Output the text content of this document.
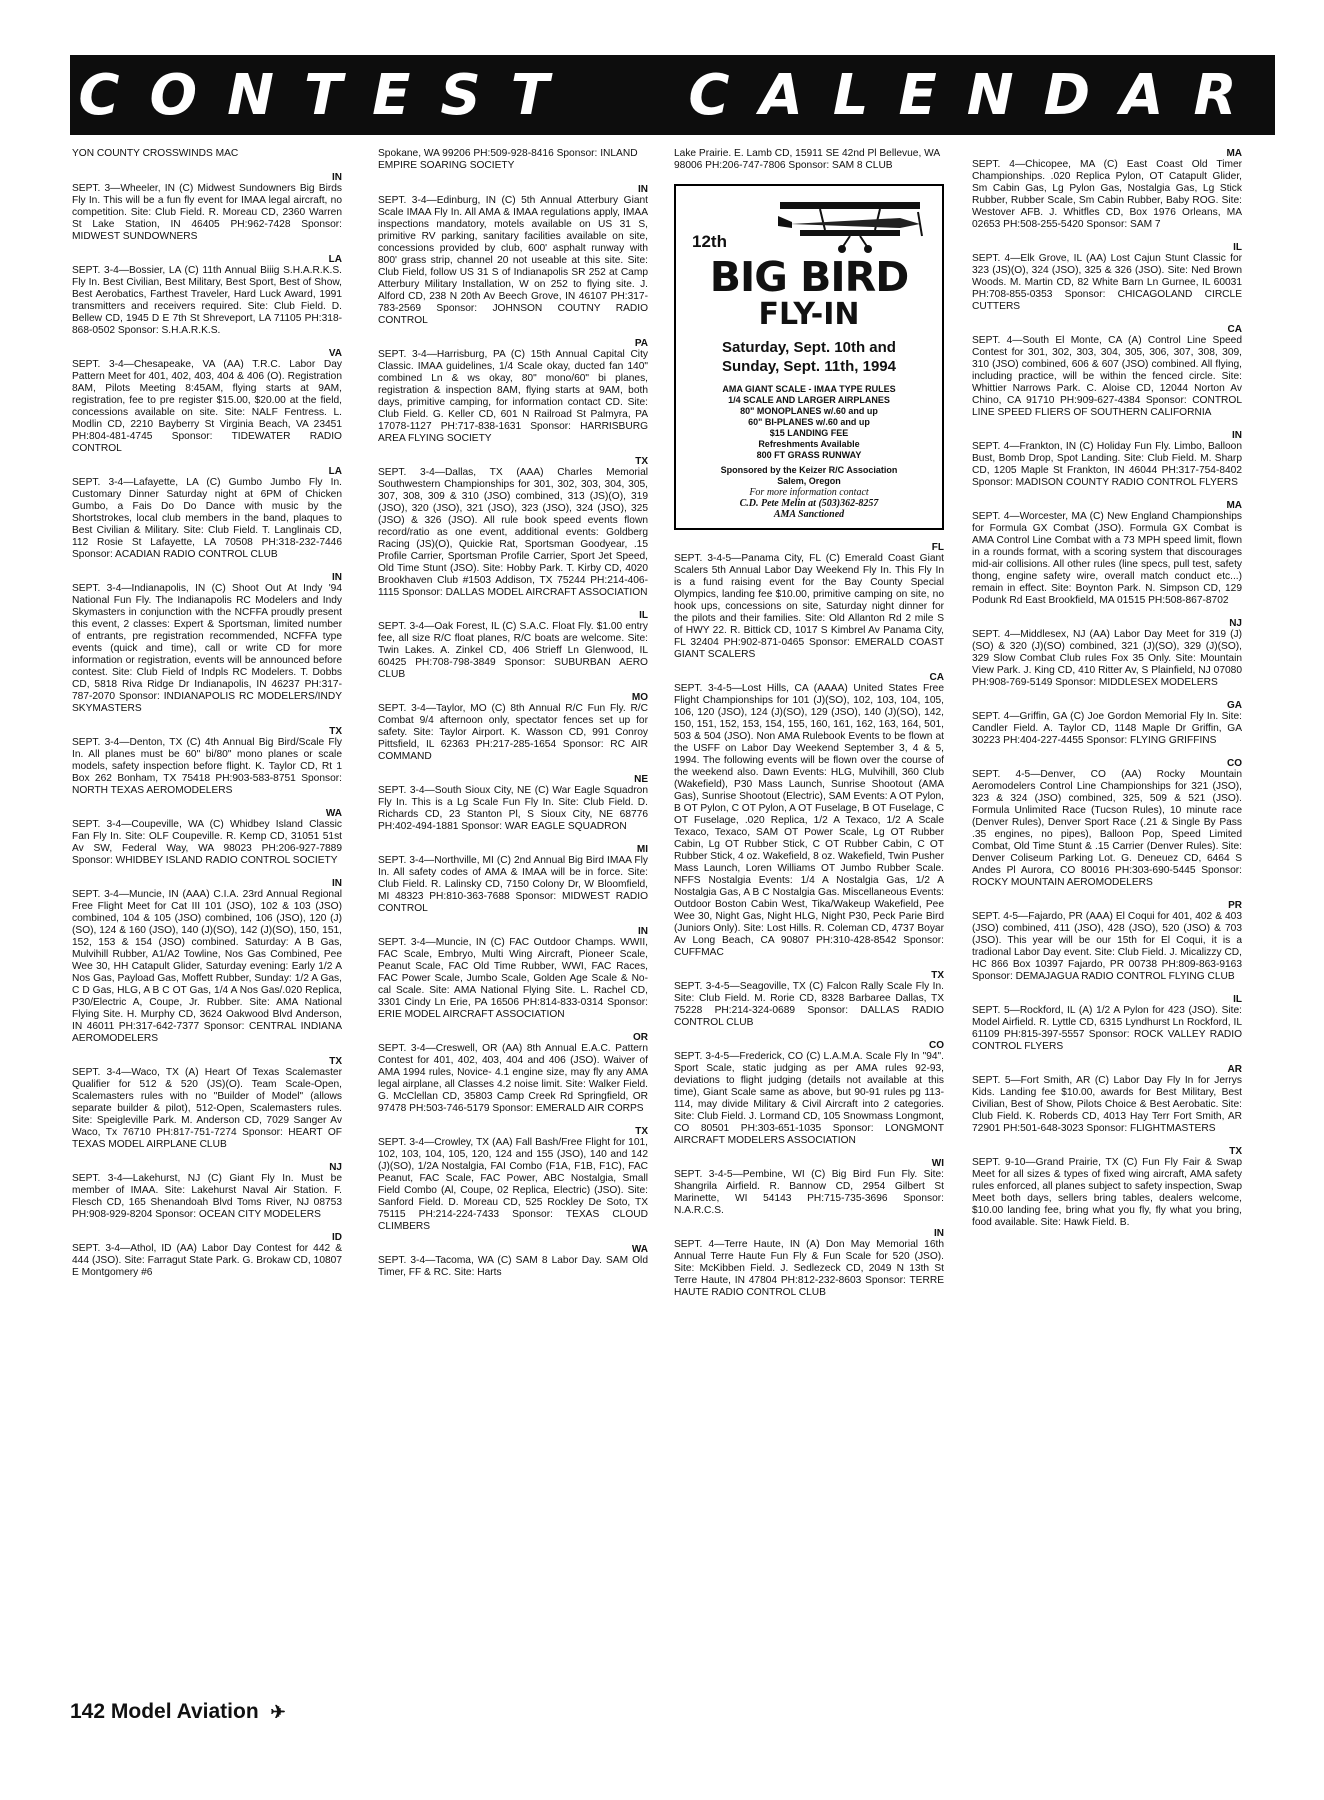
CONTEST CALENDAR

YON COUNTY CROSSWINDS MAC

IN

SEPT. 3—Wheeler, IN (C) Midwest Sundowners Big Birds Fly In. This will be a fun fly event for IMAA legal aircraft, no competition. Site: Club Field. R. Moreau CD, 2360 Warren St Lake Station, IN 46405 PH:962-7428 Sponsor: MIDWEST SUNDOWNERS

LA

SEPT. 3-4—Bossier, LA (C) 11th Annual Biiig S.H.A.R.K.S. Fly In. Best Civilian, Best Military, Best Sport, Best of Show, Best Aerobatics, Farthest Traveler, Hard Luck Award, 1991 transmitters and receivers required. Site: Club Field. D. Bellew CD, 1945 D E 7th St Shreveport, LA 71105 PH:318-868-0502 Sponsor: S.H.A.R.K.S.

VA

SEPT. 3-4—Chesapeake, VA (AA) T.R.C. Labor Day Pattern Meet for 401, 402, 403, 404 & 406 (O). Registration 8AM, Pilots Meeting 8:45AM, flying starts at 9AM, registration, fee to pre register $15.00, $20.00 at the field, concessions available on site. Site: NALF Fentress. L. Modlin CD, 2210 Bayberry St Virginia Beach, VA 23451 PH:804-481-4745 Sponsor: TIDEWATER RADIO CONTROL

LA

SEPT. 3-4—Lafayette, LA (C) Gumbo Jumbo Fly In. Customary Dinner Saturday night at 6PM of Chicken Gumbo, a Fais Do Do Dance with music by the Shortstrokes, local club members in the band, plaques to Best Civilian & Military. Site: Club Field. T. Langlinais CD, 112 Rosie St Lafayette, LA 70508 PH:318-232-7446 Sponsor: ACADIAN RADIO CONTROL CLUB

IN

SEPT. 3-4—Indianapolis, IN (C) Shoot Out At Indy '94 National Fun Fly. The Indianapolis RC Modelers and Indy Skymasters in conjunction with the NCFFA proudly present this event, 2 classes: Expert & Sportsman, limited number of entrants, pre registration recommended, NCFFA type events (quick and time), call or write CD for more information or registration, events will be announced before contest. Site: Club Field of Indpls RC Modelers. T. Dobbs CD, 5818 Riva Ridge Dr Indianapolis, IN 46237 PH:317-787-2070 Sponsor: INDIANAPOLIS RC MODELERS/INDY SKYMASTERS

TX

SEPT. 3-4—Denton, TX (C) 4th Annual Big Bird/Scale Fly In. All planes must be 60" bi/80" mono planes or scale models, safety inspection before flight. K. Taylor CD, Rt 1 Box 262 Bonham, TX 75418 PH:903-583-8751 Sponsor: NORTH TEXAS AEROMODELERS

WA

SEPT. 3-4—Coupeville, WA (C) Whidbey Island Classic Fan Fly In. Site: OLF Coupeville. R. Kemp CD, 31051 51st Av SW, Federal Way, WA 98023 PH:206-927-7889 Sponsor: WHIDBEY ISLAND RADIO CONTROL SOCIETY

IN

SEPT. 3-4—Muncie, IN (AAA) C.I.A. 23rd Annual Regional Free Flight Meet for Cat III 101 (JSO), 102 & 103 (JSO) combined, 104 & 105 (JSO) combined, 106 (JSO), 120 (J)(SO), 124 & 160 (JSO), 140 (J)(SO), 142 (J)(SO), 150, 151, 152, 153 & 154 (JSO) combined. Saturday: A B Gas, Mulvihill Rubber, A1/A2 Towline, Nos Gas Combined, Pee Wee 30, HH Catapult Glider, Saturday evening: Early 1/2 A Nos Gas, Payload Gas, Moffett Rubber, Sunday: 1/2 A Gas, C D Gas, HLG, A B C OT Gas, 1/4 A Nos Gas/.020 Replica, P30/Electric A, Coupe, Jr. Rubber. Site: AMA National Flying Site. H. Murphy CD, 3624 Oakwood Blvd Anderson, IN 46011 PH:317-642-7377 Sponsor: CENTRAL INDIANA AEROMODELERS

TX

SEPT. 3-4—Waco, TX (A) Heart Of Texas Scalemaster Qualifier for 512 & 520 (JS)(O). Team Scale-Open, Scalemasters rules with no "Builder of Model" (allows separate builder & pilot), 512-Open, Scalemasters rules. Site: Speigleville Park. M. Anderson CD, 7029 Sanger Av Waco, Tx 76710 PH:817-751-7274 Sponsor: HEART OF TEXAS MODEL AIRPLANE CLUB

NJ

SEPT. 3-4—Lakehurst, NJ (C) Giant Fly In. Must be member of IMAA. Site: Lakehurst Naval Air Station. F. Flesch CD, 165 Shenandoah Blvd Toms River, NJ 08753 PH:908-929-8204 Sponsor: OCEAN CITY MODELERS

ID

SEPT. 3-4—Athol, ID (AA) Labor Day Contest for 442 & 444 (JSO). Site: Farragut State Park. G. Brokaw CD, 10807 E Montgomery #6

Spokane, WA 99206 PH:509-928-8416 Sponsor: INLAND EMPIRE SOARING SOCIETY

IN

SEPT. 3-4—Edinburg, IN (C) 5th Annual Atterbury Giant Scale IMAA Fly In. All AMA & IMAA regulations apply, IMAA inspections mandatory, motels available on US 31 S, primitive RV parking, sanitary facilities available on site, concessions provided by club, 600' asphalt runway with 800' grass strip, channel 20 not useable at this site. Site: Club Field, follow US 31 S of Indianapolis SR 252 at Camp Atterbury Military Installation, W on 252 to flying site. J. Alford CD, 238 N 20th Av Beech Grove, IN 46107 PH:317-783-2569 Sponsor: JOHNSON COUTNY RADIO CONTROL

PA

SEPT. 3-4—Harrisburg, PA (C) 15th Annual Capital City Classic. IMAA guidelines, 1/4 Scale okay, ducted fan 140" combined Ln & ws okay, 80" mono/60" bi planes, registration & inspection 8AM, flying starts at 9AM, both days, primitive camping, for information contact CD. Site: Club Field. G. Keller CD, 601 N Railroad St Palmyra, PA 17078-1127 PH:717-838-1631 Sponsor: HARRISBURG AREA FLYING SOCIETY

TX

SEPT. 3-4—Dallas, TX (AAA) Charles Memorial Southwestern Championships for 301, 302, 303, 304, 305, 307, 308, 309 & 310 (JSO) combined, 313 (JS)(O), 319 (JSO), 320 (JSO), 321 (JSO), 323 (JSO), 324 (JSO), 325 (JSO) & 326 (JSO). All rule book speed events flown record/ratio as one event, additional events: Goldberg Racing (JS)(O), Quickie Rat, Sportsman Goodyear, .15 Profile Carrier, Sportsman Profile Carrier, Sport Jet Speed, Old Time Stunt (JSO). Site: Hobby Park. T. Kirby CD, 4020 Brookhaven Club #1503 Addison, TX 75244 PH:214-406-1115 Sponsor: DALLAS MODEL AIRCRAFT ASSOCIATION

IL

SEPT. 3-4—Oak Forest, IL (C) S.A.C. Float Fly. $1.00 entry fee, all size R/C float planes, R/C boats are welcome. Site: Twin Lakes. A. Zinkel CD, 406 Strieff Ln Glenwood, IL 60425 PH:708-798-3849 Sponsor: SUBURBAN AERO CLUB

MO

SEPT. 3-4—Taylor, MO (C) 8th Annual R/C Fun Fly. R/C Combat 9/4 afternoon only, spectator fences set up for safety. Site: Taylor Airport. K. Wasson CD, 991 Conroy Pittsfield, IL 62363 PH:217-285-1654 Sponsor: RC AIR COMMAND

NE

SEPT. 3-4—South Sioux City, NE (C) War Eagle Squadron Fly In. This is a Lg Scale Fun Fly In. Site: Club Field. D. Richards CD, 23 Stanton Pl, S Sioux City, NE 68776 PH:402-494-1881 Sponsor: WAR EAGLE SQUADRON

MI

SEPT. 3-4—Northville, MI (C) 2nd Annual Big Bird IMAA Fly In. All safety codes of AMA & IMAA will be in force. Site: Club Field. R. Lalinsky CD, 7150 Colony Dr, W Bloomfield, MI 48323 PH:810-363-7688 Sponsor: MIDWEST RADIO CONTROL

IN

SEPT. 3-4—Muncie, IN (C) FAC Outdoor Champs. WWII, FAC Scale, Embryo, Multi Wing Aircraft, Pioneer Scale, Peanut Scale, FAC Old Time Rubber, WWI, FAC Races, FAC Power Scale, Jumbo Scale, Golden Age Scale & No-cal Scale. Site: AMA National Flying Site. L. Rachel CD, 3301 Cindy Ln Erie, PA 16506 PH:814-833-0314 Sponsor: ERIE MODEL AIRCRAFT ASSOCIATION

OR

SEPT. 3-4—Creswell, OR (AA) 8th Annual E.A.C. Pattern Contest for 401, 402, 403, 404 and 406 (JSO). Waiver of AMA 1994 rules, Novice- 4.1 engine size, may fly any AMA legal airplane, all Classes 4.2 noise limit. Site: Walker Field. G. McClellan CD, 35803 Camp Creek Rd Springfield, OR 97478 PH:503-746-5179 Sponsor: EMERALD AIR CORPS

TX

SEPT. 3-4—Crowley, TX (AA) Fall Bash/Free Flight for 101, 102, 103, 104, 105, 120, 124 and 155 (JSO), 140 and 142 (J)(SO), 1/2A Nostalgia, FAI Combo (F1A, F1B, F1C), FAC Peanut, FAC Scale, FAC Power, ABC Nostalgia, Small Field Combo (Al, Coupe, 02 Replica, Electric) (JSO). Site: Sanford Field. D. Moreau CD, 525 Rockley De Soto, TX 75115 PH:214-224-7433 Sponsor: TEXAS CLOUD CLIMBERS

WA

SEPT. 3-4—Tacoma, WA (C) SAM 8 Labor Day. SAM Old Timer, FF & RC. Site: Harts

Lake Prairie. E. Lamb CD, 15911 SE 42nd Pl Bellevue, WA 98006 PH:206-747-7806 Sponsor: SAM 8 CLUB

12th

BIG BIRD

FLY-IN

Saturday, Sept. 10th and

Sunday, Sept. 11th, 1994

AMA GIANT SCALE - IMAA TYPE RULES

1/4 SCALE AND LARGER AIRPLANES

80" MONOPLANES w/.60 and up

60" BI-PLANES w/.60 and up

$15 LANDING FEE

Refreshments Available

800 FT GRASS RUNWAY

Sponsored by the Keizer R/C Association

Salem, Oregon

For more information contact

C.D. Pete Melin at (503)362-8257

AMA Sanctioned

FL

SEPT. 3-4-5—Panama City, FL (C) Emerald Coast Giant Scalers 5th Annual Labor Day Weekend Fly In. This Fly In is a fund raising event for the Bay County Special Olympics, landing fee $10.00, primitive camping on site, no hook ups, concessions on site, Saturday night dinner for the pilots and their families. Site: Old Allanton Rd 2 mile S of HWY 22. R. Bittick CD, 1017 S Kimbrel Av Panama City, FL 32404 PH:902-871-0465 Sponsor: EMERALD COAST GIANT SCALERS

CA

SEPT. 3-4-5—Lost Hills, CA (AAAA) United States Free Flight Championships for 101 (J)(SO), 102, 103, 104, 105, 106, 120 (JSO), 124 (J)(SO), 129 (JSO), 140 (J)(SO), 142, 150, 151, 152, 153, 154, 155, 160, 161, 162, 163, 164, 501, 503 & 504 (JSO). Non AMA Rulebook Events to be flown at the USFF on Labor Day Weekend September 3, 4 & 5, 1994. The following events will be flown over the course of the weekend also. Dawn Events: HLG, Mulvihill, 360 Club (Wakefield), P30 Mass Launch, Sunrise Shootout (AMA Gas), Sunrise Shootout (Electric), SAM Events: A OT Pylon, B OT Pylon, C OT Pylon, A OT Fuselage, B OT Fuselage, C OT Fuselage, .020 Replica, 1/2 A Texaco, 1/2 A Scale Texaco, Texaco, SAM OT Power Scale, Lg OT Rubber Cabin, Lg OT Rubber Stick, C OT Rubber Cabin, C OT Rubber Stick, 4 oz. Wakefield, 8 oz. Wakefield, Twin Pusher Mass Launch, Loren Williams OT Jumbo Rubber Scale. NFFS Nostalgia Events: 1/4 A Nostalgia Gas, 1/2 A Nostalgia Gas, A B C Nostalgia Gas. Miscellaneous Events: Outdoor Boston Cabin West, Tika/Wakeup Wakefield, Pee Wee 30, Night Gas, Night HLG, Night P30, Peck Parie Bird (Juniors Only). Site: Lost Hills. R. Coleman CD, 4737 Boyar Av Long Beach, CA 90807 PH:310-428-8542 Sponsor: CUFFMAC

TX

SEPT. 3-4-5—Seagoville, TX (C) Falcon Rally Scale Fly In. Site: Club Field. M. Rorie CD, 8328 Barbaree Dallas, TX 75228 PH:214-324-0689 Sponsor: DALLAS RADIO CONTROL CLUB

CO

SEPT. 3-4-5—Frederick, CO (C) L.A.M.A. Scale Fly In "94". Sport Scale, static judging as per AMA rules 92-93, deviations to flight judging (details not available at this time), Giant Scale same as above, but 90-91 rules pg 113-114, may divide Military & Civil Aircraft into 2 categories. Site: Club Field. J. Lormand CD, 105 Snowmass Longmont, CO 80501 PH:303-651-1035 Sponsor: LONGMONT AIRCRAFT MODELERS ASSOCIATION

WI

SEPT. 3-4-5—Pembine, WI (C) Big Bird Fun Fly. Site: Shangrila Airfield. R. Bannow CD, 2954 Gilbert St Marinette, WI 54143 PH:715-735-3696 Sponsor: N.A.R.C.S.

IN

SEPT. 4—Terre Haute, IN (A) Don May Memorial 16th Annual Terre Haute Fun Fly & Fun Scale for 520 (JSO). Site: McKibben Field. J. Sedlezeck CD, 2049 N 13th St Terre Haute, IN 47804 PH:812-232-8603 Sponsor: TERRE HAUTE RADIO CONTROL CLUB

MA

SEPT. 4—Chicopee, MA (C) East Coast Old Timer Championships. .020 Replica Pylon, OT Catapult Glider, Sm Cabin Gas, Lg Pylon Gas, Nostalgia Gas, Lg Stick Rubber, Rubber Scale, Sm Cabin Rubber, Baby ROG. Site: Westover AFB. J. Whitfles CD, Box 1976 Orleans, MA 02653 PH:508-255-5420 Sponsor: SAM 7

IL

SEPT. 4—Elk Grove, IL (AA) Lost Cajun Stunt Classic for 323 (JS)(O), 324 (JSO), 325 & 326 (JSO). Site: Ned Brown Woods. M. Martin CD, 82 White Barn Ln Gurnee, IL 60031 PH:708-855-0353 Sponsor: CHICAGOLAND CIRCLE CUTTERS

CA

SEPT. 4—South El Monte, CA (A) Control Line Speed Contest for 301, 302, 303, 304, 305, 306, 307, 308, 309, 310 (JSO) combined, 606 & 607 (JSO) combined. All flying, including practice, will be within the fenced circle. Site: Whittier Narrows Park. C. Aloise CD, 12044 Norton Av Chino, CA 91710 PH:909-627-4384 Sponsor: CONTROL LINE SPEED FLIERS OF SOUTHERN CALIFORNIA

IN

SEPT. 4—Frankton, IN (C) Holiday Fun Fly. Limbo, Balloon Bust, Bomb Drop, Spot Landing. Site: Club Field. M. Sharp CD, 1205 Maple St Frankton, IN 46044 PH:317-754-8402 Sponsor: MADISON COUNTY RADIO CONTROL FLYERS

MA

SEPT. 4—Worcester, MA (C) New England Championships for Formula GX Combat (JSO). Formula GX Combat is AMA Control Line Combat with a 73 MPH speed limit, flown in a rounds format, with a scoring system that discourages mid-air collisions. All other rules (line specs, pull test, safety thong, engine safety wire, overall match conduct etc...) remain in effect. Site: Boynton Park. N. Simpson CD, 129 Podunk Rd East Brookfield, MA 01515 PH:508-867-8702

NJ

SEPT. 4—Middlesex, NJ (AA) Labor Day Meet for 319 (J)(SO) & 320 (J)(SO) combined, 321 (J)(SO), 329 (J)(SO), 329 Slow Combat Club rules Fox 35 Only. Site: Mountain View Park. J. King CD, 410 Ritter Av, S Plainfield, NJ 07080 PH:908-769-5149 Sponsor: MIDDLESEX MODELERS

GA

SEPT. 4—Griffin, GA (C) Joe Gordon Memorial Fly In. Site: Candler Field. A. Taylor CD, 1148 Maple Dr Griffin, GA 30223 PH:404-227-4455 Sponsor: FLYING GRIFFINS

CO

SEPT. 4-5—Denver, CO (AA) Rocky Mountain Aeromodelers Control Line Championships for 321 (JSO), 323 & 324 (JSO) combined, 325, 509 & 521 (JSO). Formula Unlimited Race (Tucson Rules), 10 minute race (Denver Rules), Denver Sport Race (.21 & Single By Pass .35 engines, no pipes), Balloon Pop, Speed Limited Combat, Old Time Stunt & .15 Carrier (Denver Rules). Site: Denver Coliseum Parking Lot. G. Deneuez CD, 6464 S Andes Pl Aurora, CO 80016 PH:303-690-5445 Sponsor: ROCKY MOUNTAIN AEROMODELERS

PR

SEPT. 4-5—Fajardo, PR (AAA) El Coqui for 401, 402 & 403 (JSO) combined, 411 (JSO), 428 (JSO), 520 (JSO) & 703 (JSO). This year will be our 15th for El Coqui, it is a tradional Labor Day event. Site: Club Field. J. Micalizzy CD, HC 866 Box 10397 Fajardo, PR 00738 PH:809-863-9163 Sponsor: DEMAJAGUA RADIO CONTROL FLYING CLUB

IL

SEPT. 5—Rockford, IL (A) 1/2 A Pylon for 423 (JSO). Site: Model Airfield. R. Lyttle CD, 6315 Lyndhurst Ln Rockford, IL 61109 PH:815-397-5557 Sponsor: ROCK VALLEY RADIO CONTROL FLYERS

AR

SEPT. 5—Fort Smith, AR (C) Labor Day Fly In for Jerrys Kids. Landing fee $10.00, awards for Best Military, Best Civilian, Best of Show, Pilots Choice & Best Aerobatic. Site: Club Field. K. Roberds CD, 4013 Hay Terr Fort Smith, AR 72901 PH:501-648-3023 Sponsor: FLIGHTMASTERS

TX

SEPT. 9-10—Grand Prairie, TX (C) Fun Fly Fair & Swap Meet for all sizes & types of fixed wing aircraft, AMA safety rules enforced, all planes subject to safety inspection, Swap Meet both days, sellers bring tables, dealers welcome, $10.00 landing fee, bring what you fly, fly what you bring, food available. Site: Hawk Field. B.

142 Model Aviation ✈
